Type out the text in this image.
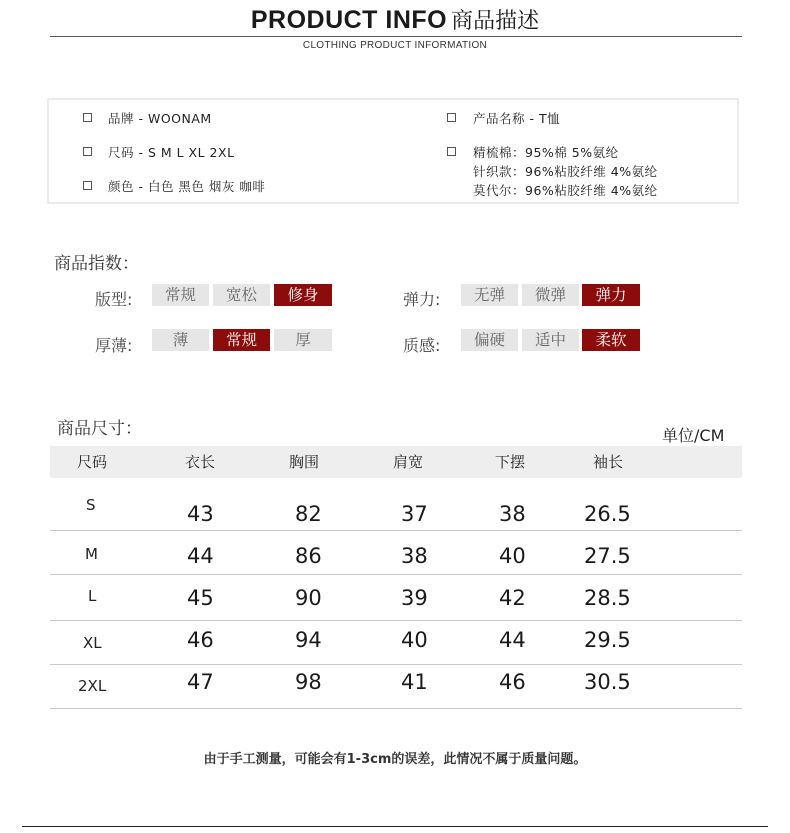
PRODUCT INFO 商品描述
CLOTHING PRODUCT INFORMATION
品牌 - WOONAM
尺码 - S M L XL 2XL
颜色 - 白色 黑色 烟灰 咖啡
产品名称 - T恤
精梳棉：95%棉 5%氨纶
针织款：96%粘胶纤维 4%氨纶
莫代尔：96%粘胶纤维 4%氨纶
商品指数：
版型:	常规	宽松	修身	弹力:	无弹	微弹	弹力
厚薄:	薄	常规	厚	质感:	偏硬	适中	柔软
商品尺寸：	单位/CM
尺码	衣长	胸围	肩宽	下摆	袖长
S	43	82	37	38	26.5
M	44	86	38	40	27.5
L	45	90	39	42	28.5
XL	46	94	40	44	29.5
2XL	47	98	41	46	30.5
由于手工测量，可能会有1-3cm的误差，此情况不属于质量问题。
